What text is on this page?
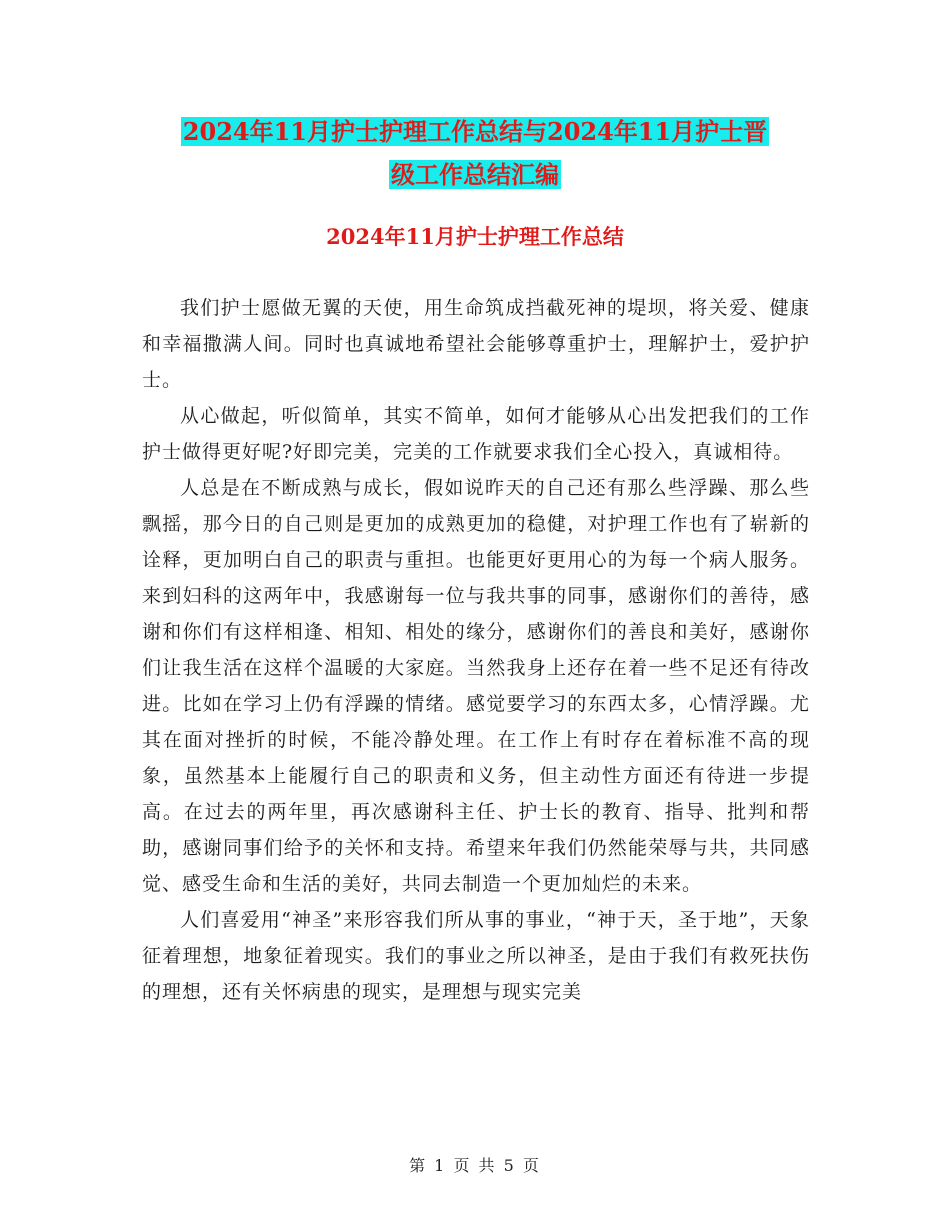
2024年11月护士护理工作总结与2024年11月护士晋
级工作总结汇编
2024年11月护士护理工作总结

我们护士愿做无翼的天使，用生命筑成挡截死神的堤坝，将关爱、健康和幸福撒满人间。同时也真诚地希望社会能够尊重护士，理解护士，爱护护士。

从心做起，听似简单，其实不简单，如何才能够从心出发把我们的工作护士做得更好呢?好即完美，完美的工作就要求我们全心投入，真诚相待。

人总是在不断成熟与成长，假如说昨天的自己还有那么些浮躁、那么些飘摇，那今日的自己则是更加的成熟更加的稳健，对护理工作也有了崭新的诠释，更加明白自己的职责与重担。也能更好更用心的为每一个病人服务。来到妇科的这两年中，我感谢每一位与我共事的同事，感谢你们的善待，感谢和你们有这样相逢、相知、相处的缘分，感谢你们的善良和美好，感谢你们让我生活在这样个温暖的大家庭。当然我身上还存在着一些不足还有待改进。比如在学习上仍有浮躁的情绪。感觉要学习的东西太多，心情浮躁。尤其在面对挫折的时候，不能冷静处理。在工作上有时存在着标准不高的现象，虽然基本上能履行自己的职责和义务，但主动性方面还有待进一步提高。在过去的两年里，再次感谢科主任、护士长的教育、指导、批判和帮助，感谢同事们给予的关怀和支持。希望来年我们仍然能荣辱与共，共同感觉、感受生命和生活的美好，共同去制造一个更加灿烂的未来。

人们喜爱用“神圣”来形容我们所从事的事业，“神于天，圣于地”，天象征着理想，地象征着现实。我们的事业之所以神圣，是由于我们有救死扶伤的理想，还有关怀病患的现实，是理想与现实完美

第 1 页 共 5 页
